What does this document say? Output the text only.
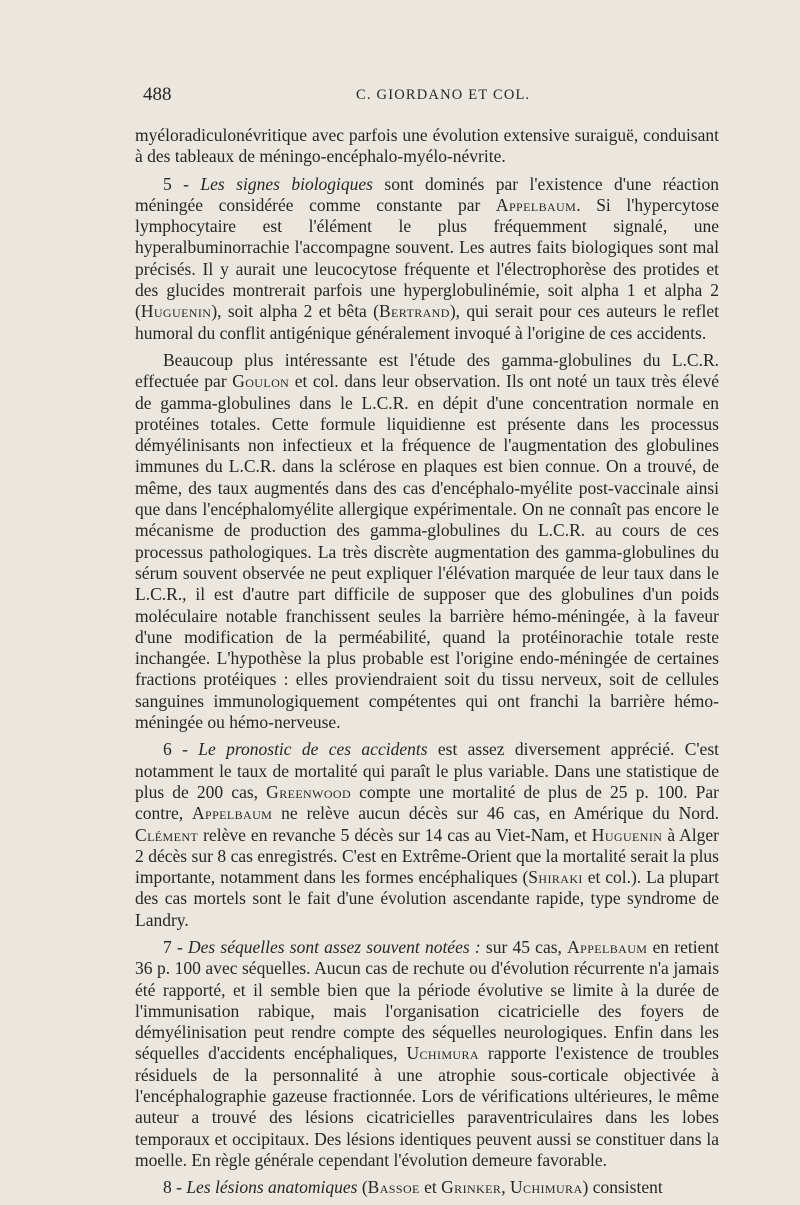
488	C. GIORDANO ET COL.

myéloradiculonévritique avec parfois une évolution extensive suraiguë, conduisant à des tableaux de méningo-encéphalo-myélo-névrite.

5 - Les signes biologiques sont dominés par l'existence d'une réaction méningée considérée comme constante par Appelbaum. Si l'hypercytose lymphocytaire est l'élément le plus fréquemment signalé, une hyperalbuminorrachie l'accompagne souvent. Les autres faits biologiques sont mal précisés. Il y aurait une leucocytose fréquente et l'électrophorèse des protides et des glucides montrerait parfois une hyperglobulinémie, soit alpha 1 et alpha 2 (Huguenin), soit alpha 2 et bêta (Bertrand), qui serait pour ces auteurs le reflet humoral du conflit antigénique généralement invoqué à l'origine de ces accidents.

Beaucoup plus intéressante est l'étude des gamma-globulines du L.C.R. effectuée par Goulon et col. dans leur observation. Ils ont noté un taux très élevé de gamma-globulines dans le L.C.R. en dépit d'une concentration normale en protéines totales. Cette formule liquidienne est présente dans les processus démyélinisants non infectieux et la fréquence de l'augmentation des globulines immunes du L.C.R. dans la sclérose en plaques est bien connue. On a trouvé, de même, des taux augmentés dans des cas d'encéphalo-myélite post-vaccinale ainsi que dans l'encéphalomyélite allergique expérimentale. On ne connaît pas encore le mécanisme de production des gamma-globulines du L.C.R. au cours de ces processus pathologiques. La très discrète augmentation des gamma-globulines du sérum souvent observée ne peut expliquer l'élévation marquée de leur taux dans le L.C.R., il est d'autre part difficile de supposer que des globulines d'un poids moléculaire notable franchissent seules la barrière hémo-méningée, à la faveur d'une modification de la perméabilité, quand la protéinorachie totale reste inchangée. L'hypothèse la plus probable est l'origine endo-méningée de certaines fractions protéiques : elles proviendraient soit du tissu nerveux, soit de cellules sanguines immunologiquement compétentes qui ont franchi la barrière hémo-méningée ou hémo-nerveuse.

6 - Le pronostic de ces accidents est assez diversement apprécié. C'est notamment le taux de mortalité qui paraît le plus variable. Dans une statistique de plus de 200 cas, Greenwood compte une mortalité de plus de 25 p. 100. Par contre, Appelbaum ne relève aucun décès sur 46 cas, en Amérique du Nord. Clément relève en revanche 5 décès sur 14 cas au Viet-Nam, et Huguenin à Alger 2 décès sur 8 cas enregistrés. C'est en Extrême-Orient que la mortalité serait la plus importante, notamment dans les formes encéphaliques (Shiraki et col.). La plupart des cas mortels sont le fait d'une évolution ascendante rapide, type syndrome de Landry.

7 - Des séquelles sont assez souvent notées : sur 45 cas, Appelbaum en retient 36 p. 100 avec séquelles. Aucun cas de rechute ou d'évolution récurrente n'a jamais été rapporté, et il semble bien que la période évolutive se limite à la durée de l'immunisation rabique, mais l'organisation cicatricielle des foyers de démyélinisation peut rendre compte des séquelles neurologiques. Enfin dans les séquelles d'accidents encéphaliques, Uchimura rapporte l'existence de troubles résiduels de la personnalité à une atrophie sous-corticale objectivée à l'encéphalographie gazeuse fractionnée. Lors de vérifications ultérieures, le même auteur a trouvé des lésions cicatricielles paraventriculaires dans les lobes temporaux et occipitaux. Des lésions identiques peuvent aussi se constituer dans la moelle. En règle générale cependant l'évolution demeure favorable.

8 - Les lésions anatomiques (Bassoe et Grinker, Uchimura) consistent
